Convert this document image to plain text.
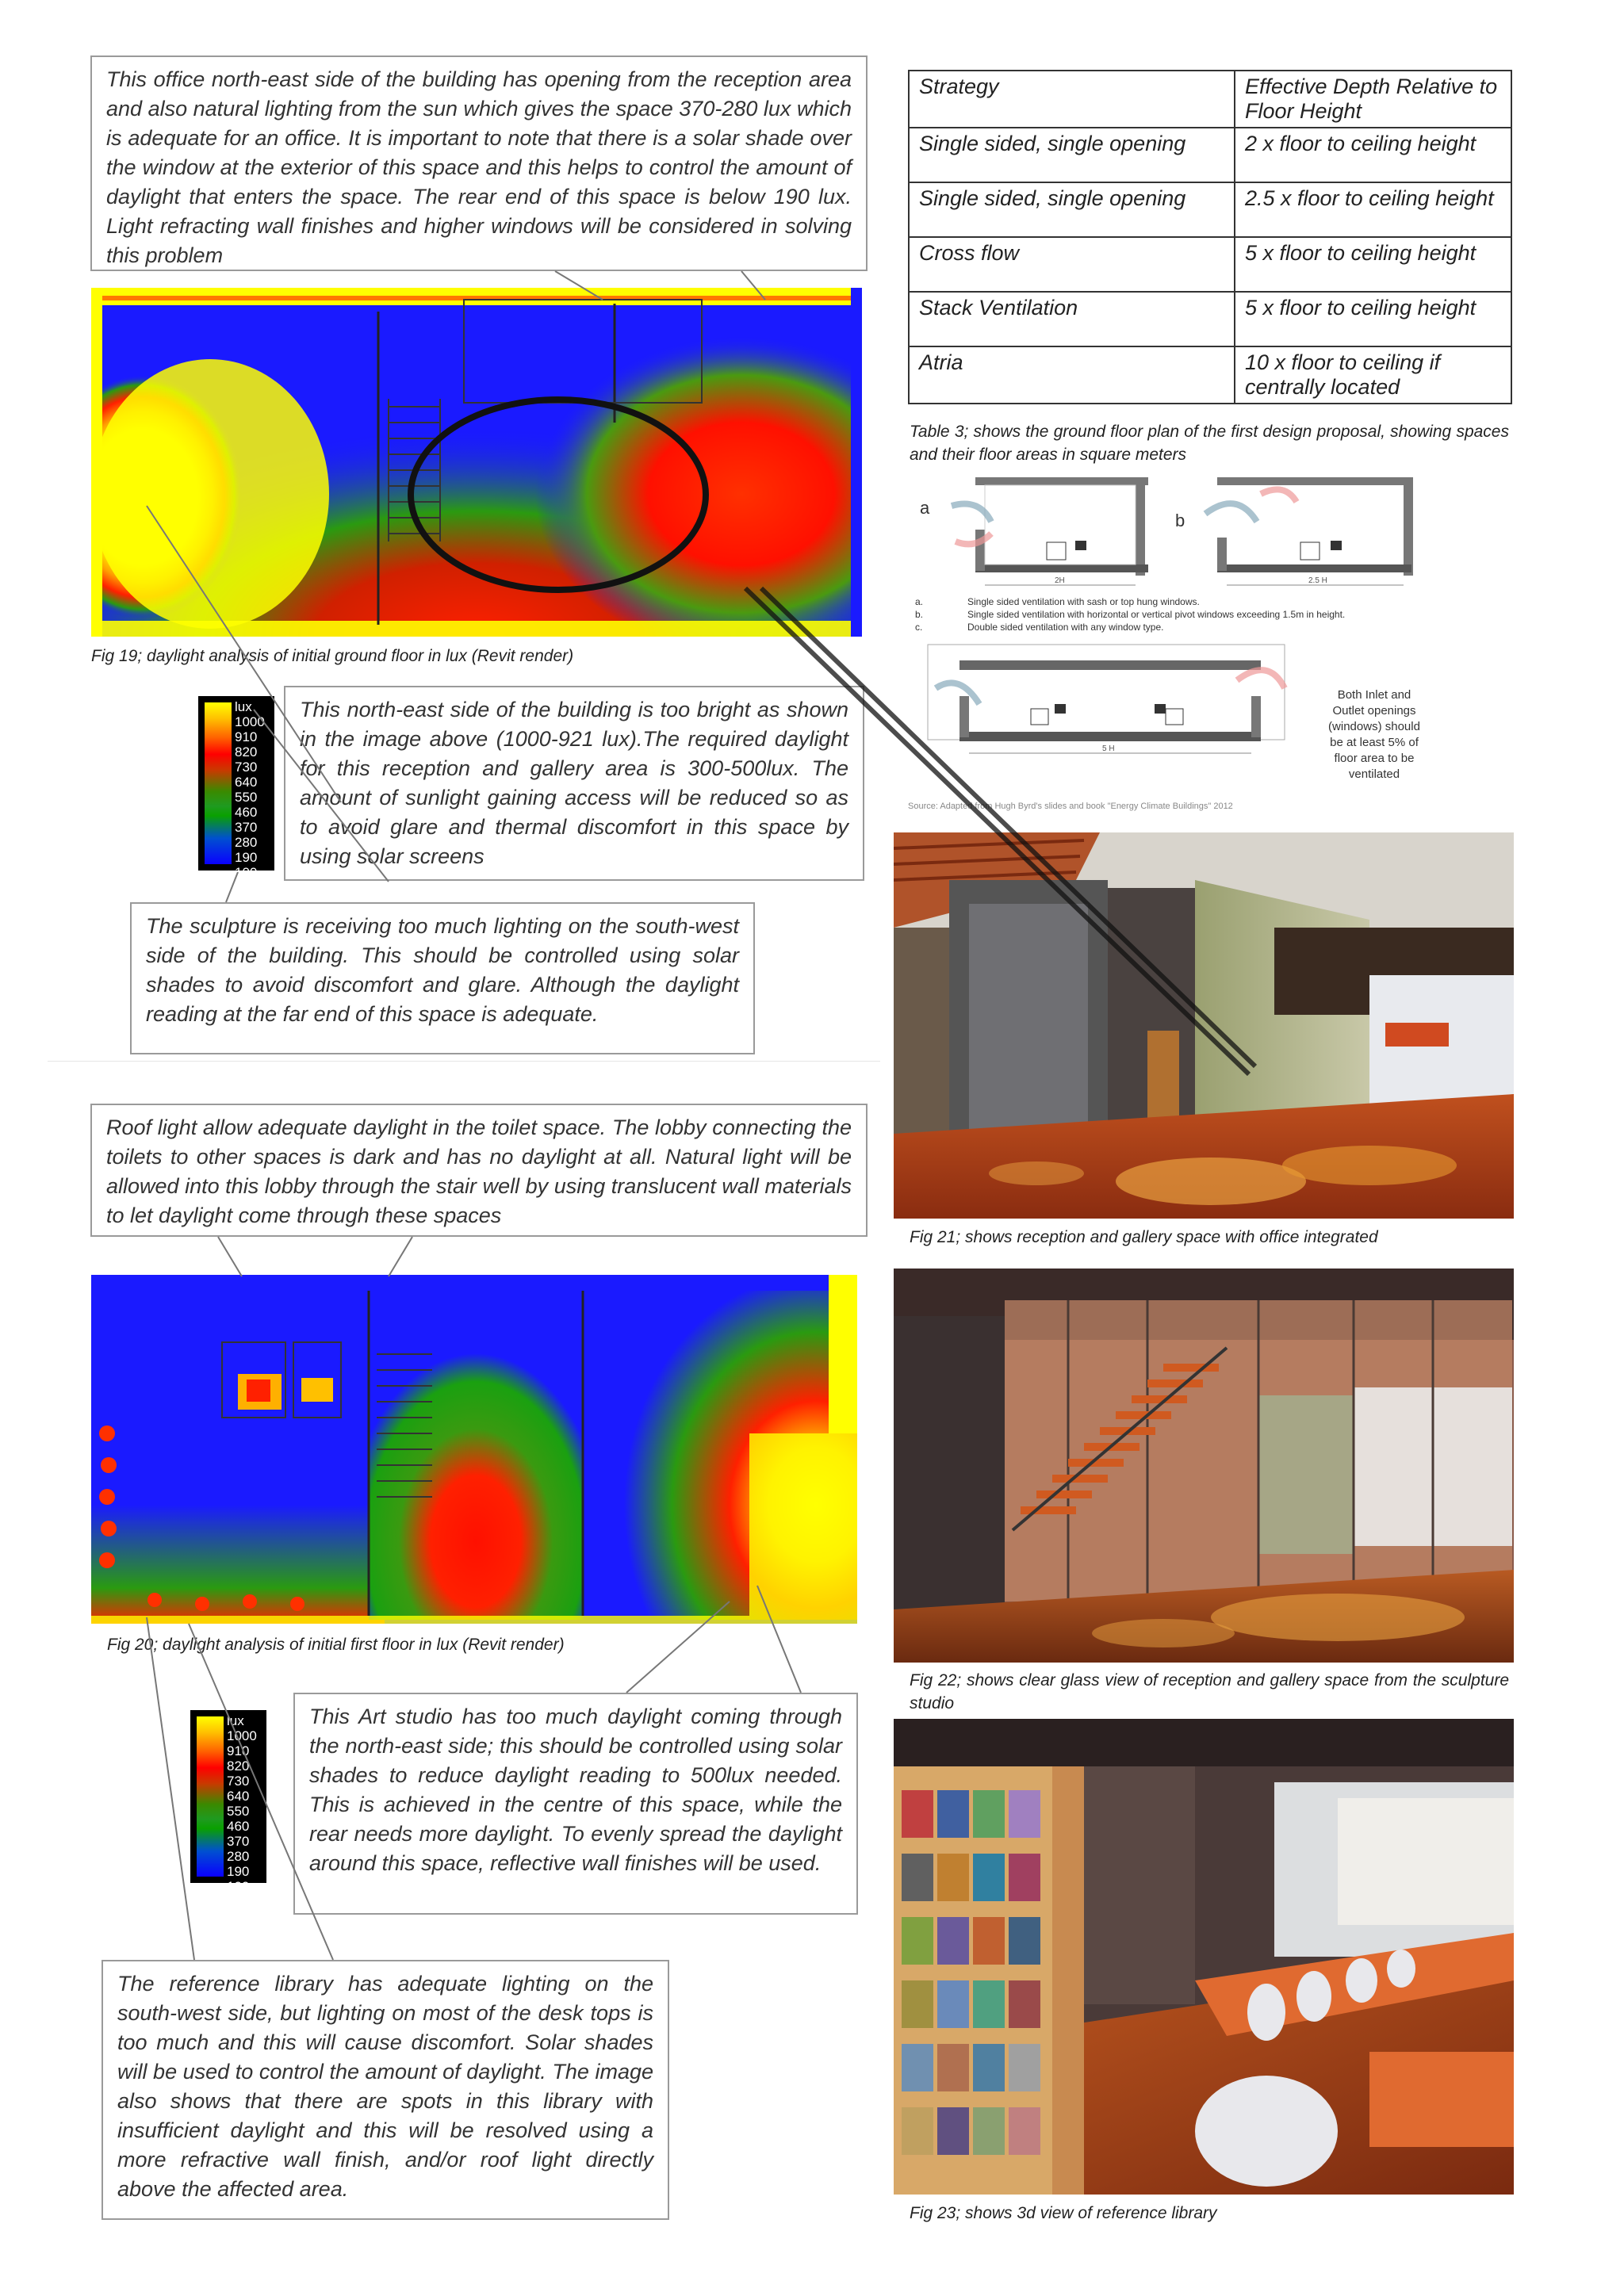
This office north-east side of the building has opening from the reception area and also natural lighting from the sun which gives the space 370-280 lux which is adequate for an office. It is important to note that there is a solar shade over the window at the exterior of this space and this helps to control the amount of daylight that enters the space. The rear end of this space is below 190 lux. Light refracting wall finishes and higher windows will be considered in solving this problem
Fig 19; daylight analysis of initial ground floor in lux (Revit render)
lux
1000
910
820
730
640
550
460
370
280
190
100
This north-east side of the building is too bright as shown in the image above (1000-921 lux).The required daylight for this reception and gallery area is 300-500lux. The amount of sunlight gaining access will be reduced so as to avoid glare and thermal discomfort in this space by using solar screens
The sculpture is receiving too much lighting on the south-west side of the building. This should be controlled using solar shades to avoid discomfort and glare. Although the daylight reading at the far end of this space is adequate.
Roof light allow adequate daylight in the toilet space. The lobby connecting the toilets to other spaces is dark and has no daylight at all. Natural light will be allowed into this lobby through the stair well by using translucent wall materials to let daylight come through these spaces
Fig 20; daylight analysis of initial first floor in lux (Revit render)
lux
1000
910
820
730
640
550
460
370
280
190
100
This Art studio has too much daylight coming through the north-east side; this should be controlled using solar shades to reduce daylight reading to 500lux needed. This is achieved in the centre of this space, while the rear needs more daylight. To evenly spread the daylight around this space, reflective wall finishes will be used.
The reference library has adequate lighting on the south-west side, but lighting on most of the desk tops is too much and this will cause discomfort. Solar shades will be used to control the amount of daylight. The image also shows that there are spots in this library with insufficient daylight and this will be resolved using a more refractive wall finish, and/or roof light directly above the affected area.
Strategy	Effective Depth Relative to Floor Height
Single sided, single opening	2 x floor to ceiling height
Single sided, single opening	2.5 x floor to ceiling height
Cross flow	5 x floor to ceiling height
Stack Ventilation	5 x floor to ceiling height
Atria	10 x floor to ceiling if centrally located
Table 3; shows the ground floor plan of the first design proposal, showing spaces and their floor areas in square meters
a
b
2H	2.5 H
a.	Single sided ventilation with sash or top hung windows.
b.	Single sided ventilation with horizontal or vertical pivot windows exceeding 1.5m in height.
c.	Double sided ventilation with any window type.
5 H
Both Inlet and
Outlet openings
(windows) should
be at least 5% of
floor area to be
ventilated
Source: Adapted from Hugh Byrd's slides and book "Energy Climate Buildings" 2012
Fig 21; shows reception and gallery space with office integrated
Fig 22; shows clear glass view of reception and gallery space from the sculpture studio
Fig 23; shows 3d view of reference library
